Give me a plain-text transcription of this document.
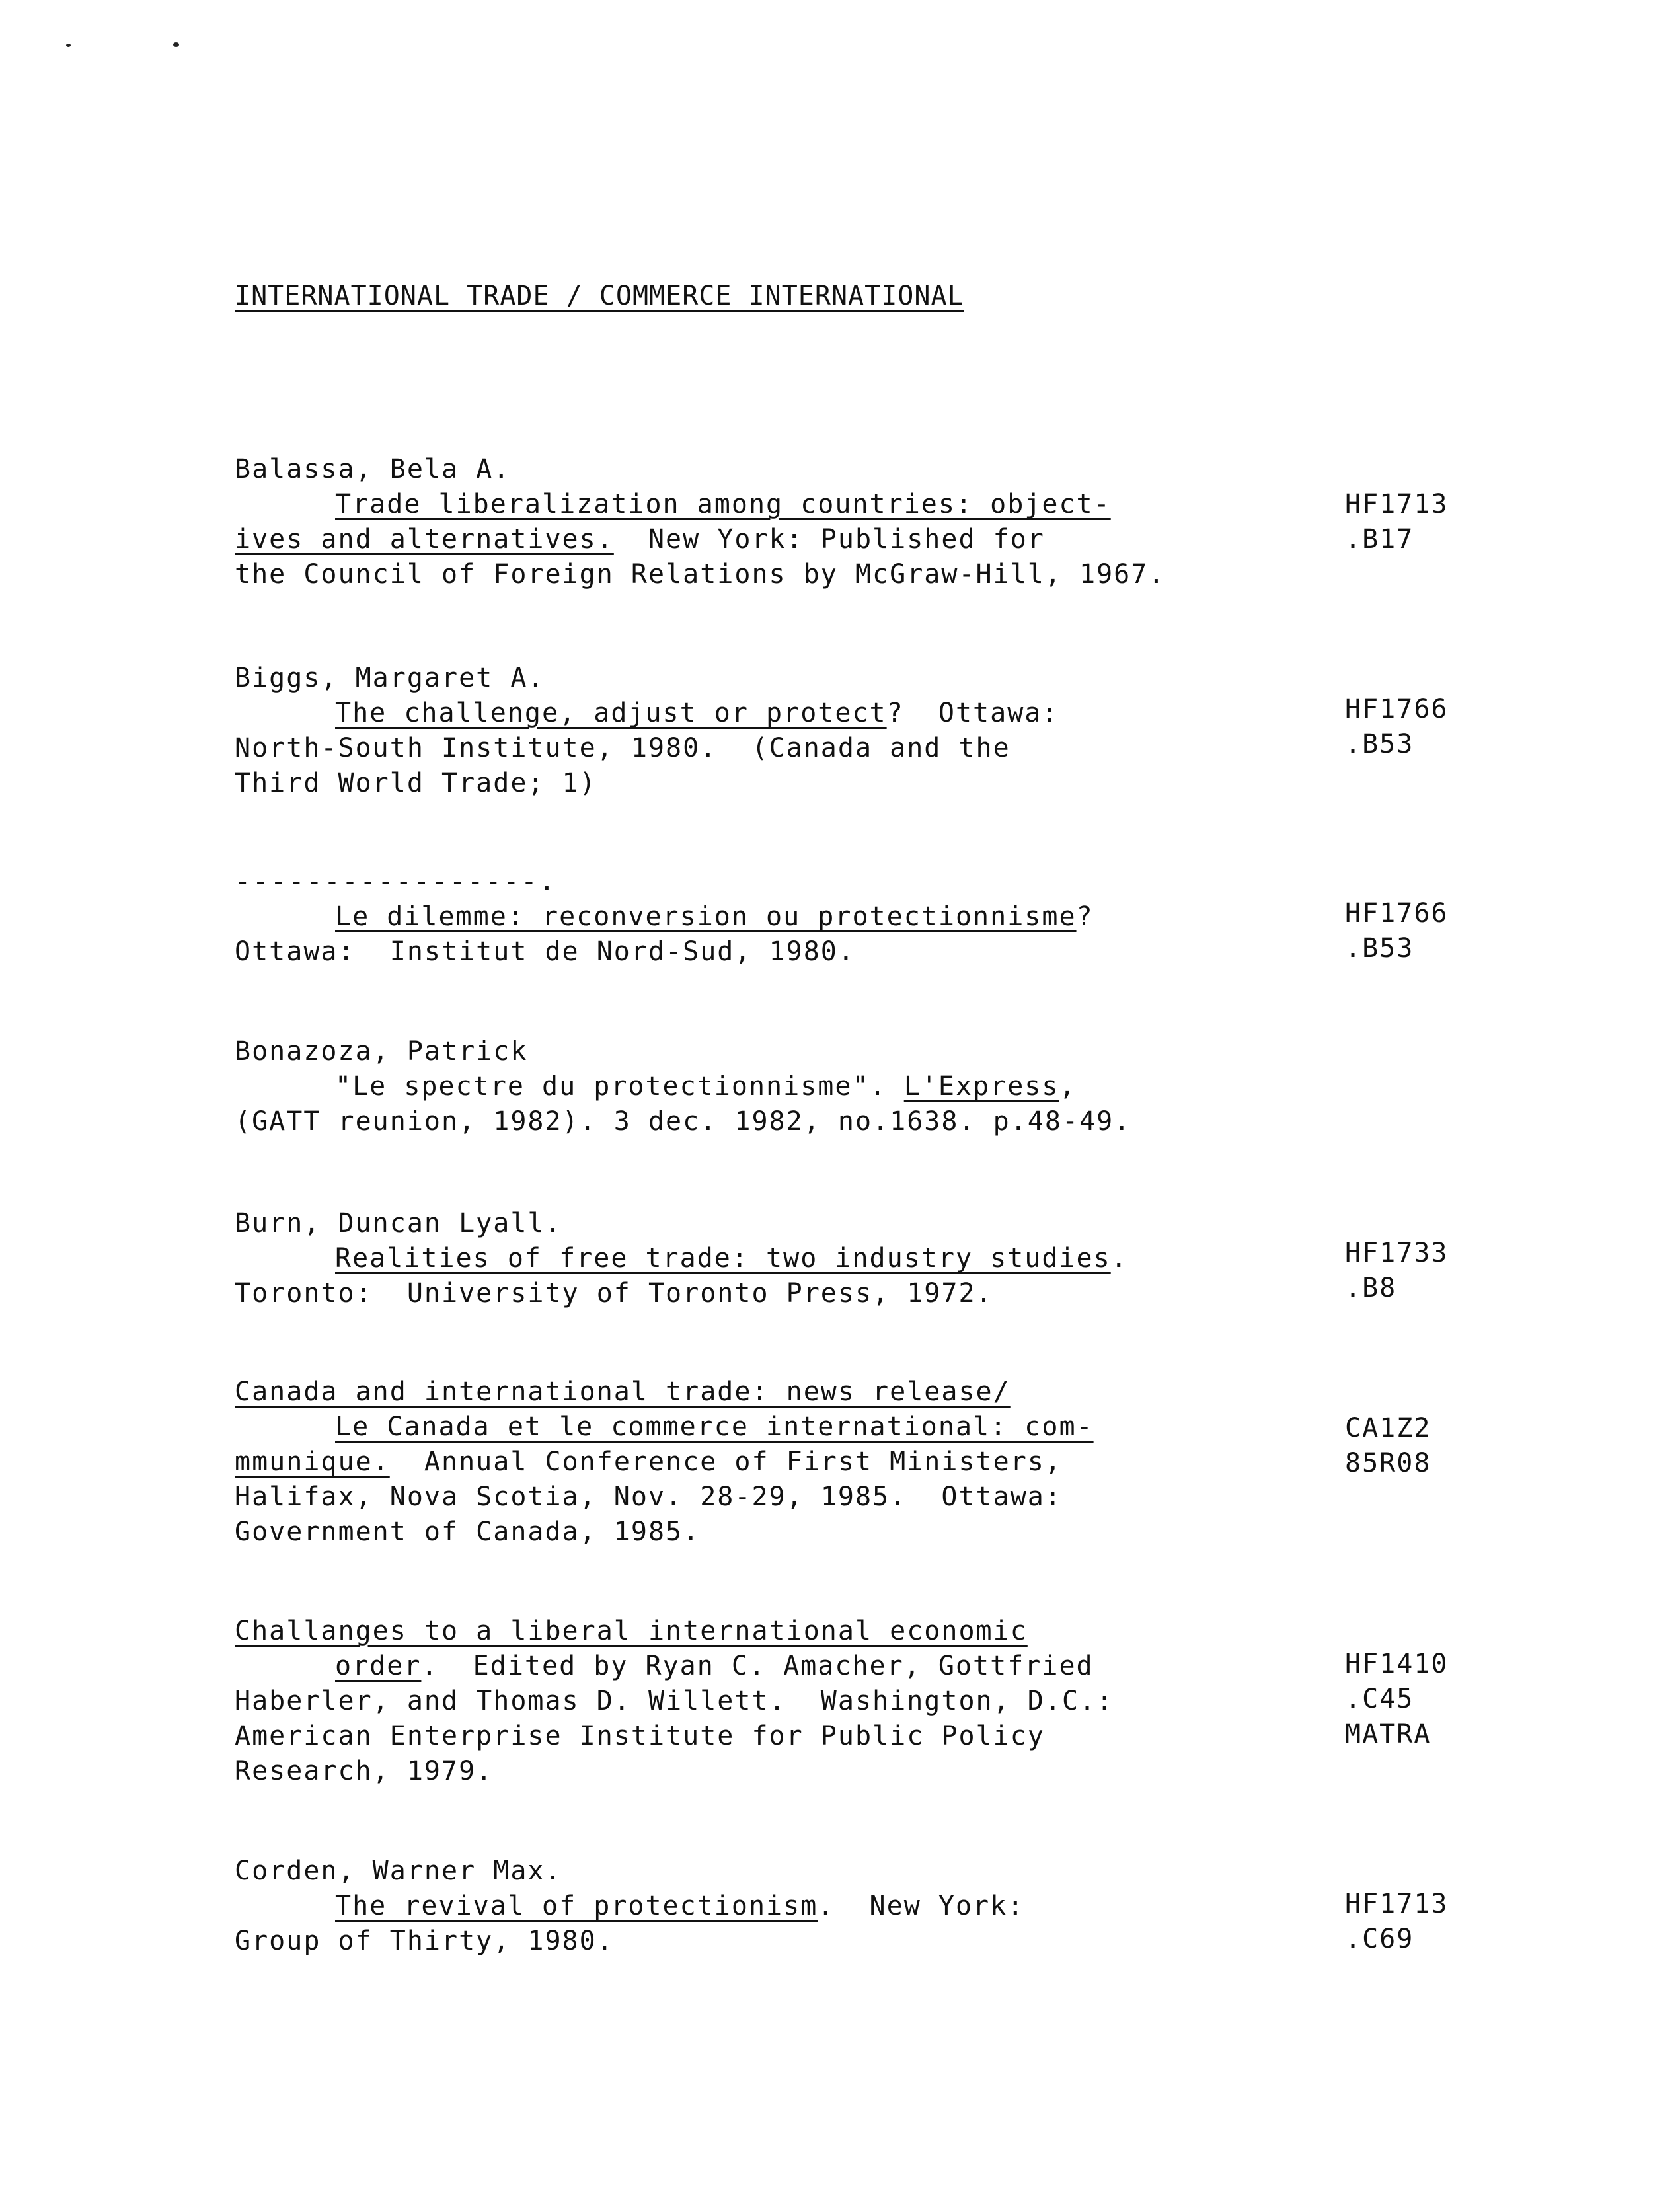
INTERNATIONAL TRADE / COMMERCE INTERNATIONAL
Balassa, Bela A.
Trade liberalization among countries: object-
ives and alternatives.  New York: Published for
the Council of Foreign Relations by McGraw-Hill, 1967.
HF1713
.B17
Biggs, Margaret A.
The challenge, adjust or protect?  Ottawa:
North-South Institute, 1980.  (Canada and the
Third World Trade; 1)
HF1766
.B53
-----------------.
Le dilemme: reconversion ou protectionnisme?
Ottawa:  Institut de Nord-Sud, 1980.
HF1766
.B53
Bonazoza, Patrick
"Le spectre du protectionnisme". L'Express,
(GATT reunion, 1982). 3 dec. 1982, no.1638. p.48-49.
Burn, Duncan Lyall.
Realities of free trade: two industry studies.
Toronto:  University of Toronto Press, 1972.
HF1733
.B8
Canada and international trade: news release/
Le Canada et le commerce international: com-
mmunique.  Annual Conference of First Ministers,
Halifax, Nova Scotia, Nov. 28-29, 1985.  Ottawa:
Government of Canada, 1985.
CA1Z2
85R08
Challanges to a liberal international economic
order.  Edited by Ryan C. Amacher, Gottfried
Haberler, and Thomas D. Willett.  Washington, D.C.:
American Enterprise Institute for Public Policy
Research, 1979.
HF1410
.C45
MATRA
Corden, Warner Max.
The revival of protectionism.  New York:
Group of Thirty, 1980.
HF1713
.C69
